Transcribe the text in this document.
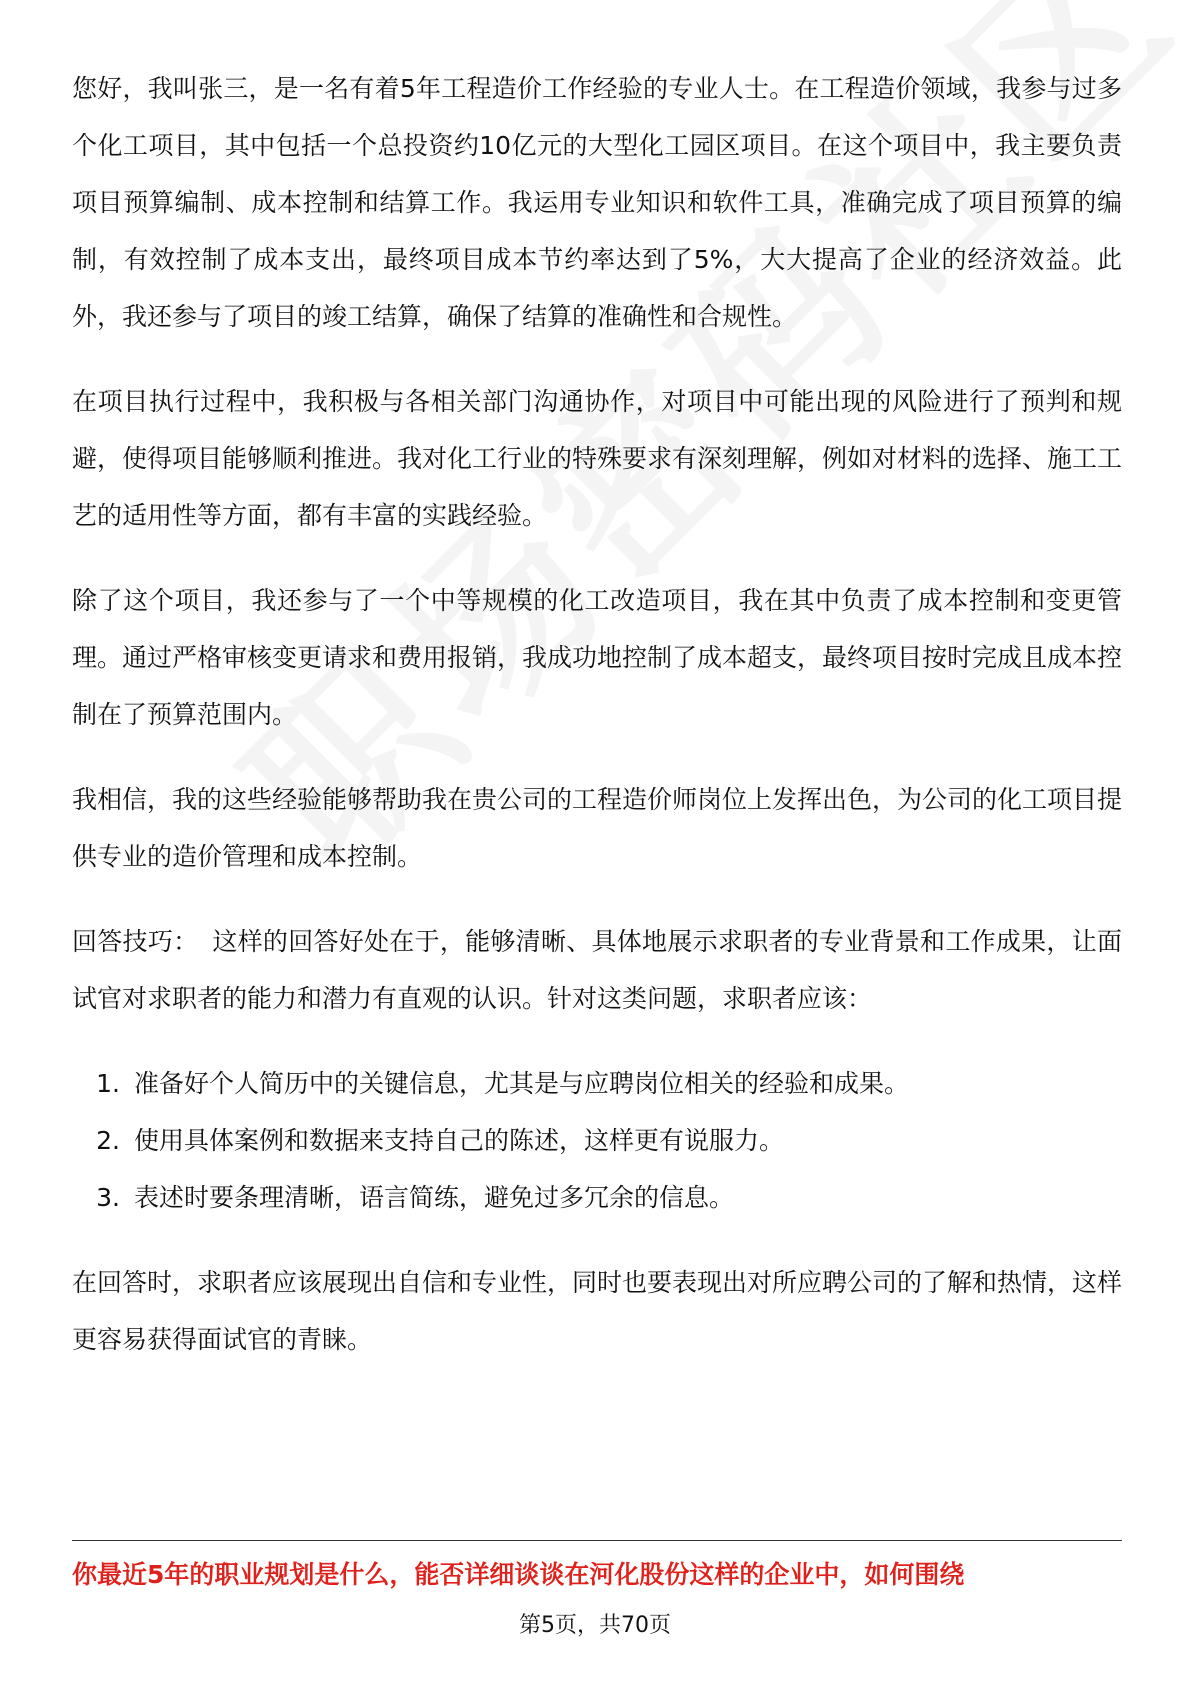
您好，我叫张三，是一名有着5年工程造价工作经验的专业人士。在工程造价领域，我参与过多个化工项目，其中包括一个总投资约10亿元的大型化工园区项目。在这个项目中，我主要负责项目预算编制、成本控制和结算工作。我运用专业知识和软件工具，准确完成了项目预算的编制，有效控制了成本支出，最终项目成本节约率达到了5%，大大提高了企业的经济效益。此外，我还参与了项目的竣工结算，确保了结算的准确性和合规性。

在项目执行过程中，我积极与各相关部门沟通协作，对项目中可能出现的风险进行了预判和规避，使得项目能够顺利推进。我对化工行业的特殊要求有深刻理解，例如对材料的选择、施工工艺的适用性等方面，都有丰富的实践经验。

除了这个项目，我还参与了一个中等规模的化工改造项目，我在其中负责了成本控制和变更管理。通过严格审核变更请求和费用报销，我成功地控制了成本超支，最终项目按时完成且成本控制在了预算范围内。

我相信，我的这些经验能够帮助我在贵公司的工程造价师岗位上发挥出色，为公司的化工项目提供专业的造价管理和成本控制。

回答技巧： 这样的回答好处在于，能够清晰、具体地展示求职者的专业背景和工作成果，让面试官对求职者的能力和潜力有直观的认识。针对这类问题，求职者应该：

1. 准备好个人简历中的关键信息，尤其是与应聘岗位相关的经验和成果。
2. 使用具体案例和数据来支持自己的陈述，这样更有说服力。
3. 表述时要条理清晰，语言简练，避免过多冗余的信息。

在回答时，求职者应该展现出自信和专业性，同时也要表现出对所应聘公司的了解和热情，这样更容易获得面试官的青睐。

你最近5年的职业规划是什么，能否详细谈谈在河化股份这样的企业中，如何围绕
第5页，共70页
